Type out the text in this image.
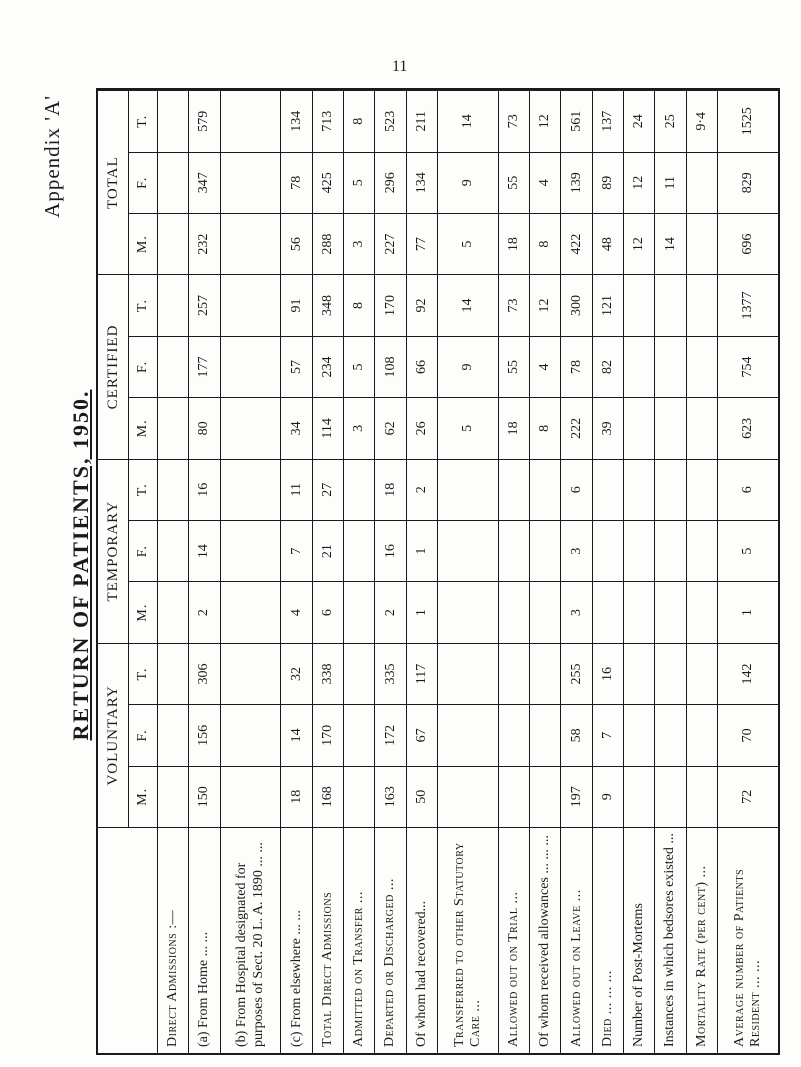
Appendix 'A'
RETURN OF PATIENTS, 1950.
11
	VOLUNTARY			TEMPORARY			CERTIFIED			TOTAL		
	M.	F.	T.	M.	F.	T.	M.	F.	T.	M.	F.	T.
Direct Admissions :—												
(a) From Home ... ...	150	156	306	2	14	16	80	177	257	232	347	579
(b) From Hospital designated for purposes of Sect. 20 L. A. 1890 ... ...												
(c) From elsewhere ... ...	18	14	32	4	7	11	34	57	91	56	78	134
Total Direct Admissions	168	170	338	6	21	27	114	234	348	288	425	713
Admitted on Transfer ...							3	5	8	3	5	8
Departed or Discharged ...	163	172	335	2	16	18	62	108	170	227	296	523
Of whom had recovered...	50	67	117	1	1	2	26	66	92	77	134	211
Transferred to other Statutory Care ...							5	9	14	5	9	14
Allowed out on Trial ...							18	55	73	18	55	73
Of whom received allowances ... ... ...							8	4	12	8	4	12
Allowed out on Leave ...	197	58	255	3	3	6	222	78	300	422	139	561
Died ... ... ...	9	7	16				39	82	121	48	89	137
Number of Post-Mortems										12	12	24
Instances in which bedsores existed ...										14	11	25
Mortality Rate (per cent) ...												9·4
Average number of Patients Resident ... ...	72	70	142	1	5	6	623	754	1377	696	829	1525
